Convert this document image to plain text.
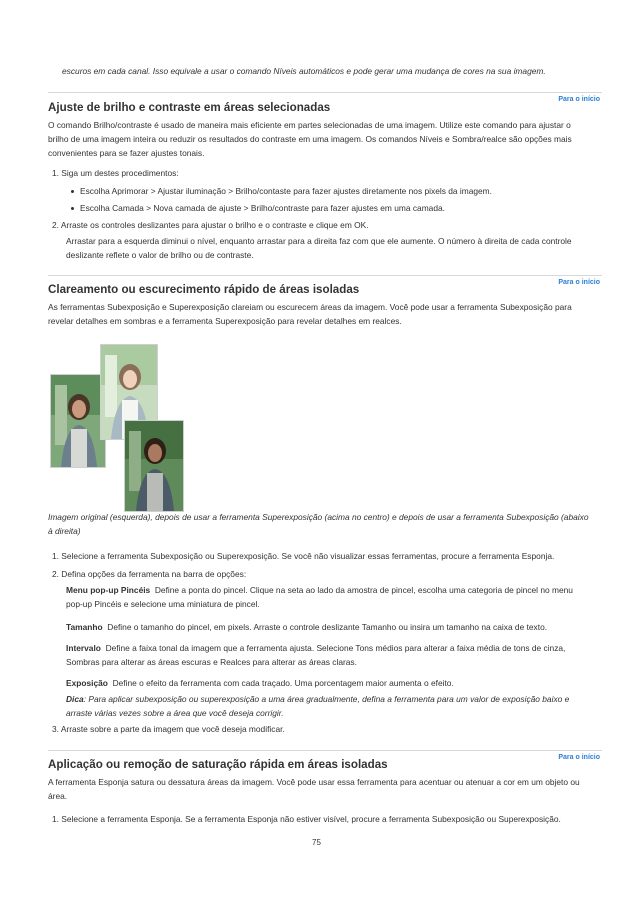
escuros em cada canal. Isso equivale a usar o comando Níveis automáticos e pode gerar uma mudança de cores na sua imagem.
Para o início
Ajuste de brilho e contraste em áreas selecionadas
O comando Brilho/contraste é usado de maneira mais eficiente em partes selecionadas de uma imagem. Utilize este comando para ajustar o
brilho de uma imagem inteira ou reduzir os resultados do contraste em uma imagem. Os comandos Níveis e Sombra/realce são opções mais
convenientes para se fazer ajustes tonais.
1. Siga um destes procedimentos:
Escolha Aprimorar > Ajustar iluminação > Brilho/contaste para fazer ajustes diretamente nos pixels da imagem.
Escolha Camada > Nova camada de ajuste > Brilho/contraste para fazer ajustes em uma camada.
2. Arraste os controles deslizantes para ajustar o brilho e o contraste e clique em OK.
Arrastar para a esquerda diminui o nível, enquanto arrastar para a direita faz com que ele aumente. O número à direita de cada controle
deslizante reflete o valor de brilho ou de contraste.
Para o início
Clareamento ou escurecimento rápido de áreas isoladas
As ferramentas Subexposição e Superexposição clareiam ou escurecem áreas da imagem. Você pode usar a ferramenta Subexposição para
revelar detalhes em sombras e a ferramenta Superexposição para revelar detalhes em realces.
Imagem original (esquerda), depois de usar a ferramenta Superexposição (acima no centro) e depois de usar a ferramenta Subexposição (abaixo
à direita)
1. Selecione a ferramenta Subexposição ou Superexposição. Se você não visualizar essas ferramentas, procure a ferramenta Esponja.
2. Defina opções da ferramenta na barra de opções:
Menu pop-up Pincéis Define a ponta do pincel. Clique na seta ao lado da amostra de pincel, escolha uma categoria de pincel no menu
pop-up Pincéis e selecione uma miniatura de pincel.
Tamanho Define o tamanho do pincel, em pixels. Arraste o controle deslizante Tamanho ou insira um tamanho na caixa de texto.
Intervalo Define a faixa tonal da imagem que a ferramenta ajusta. Selecione Tons médios para alterar a faixa média de tons de cinza,
Sombras para alterar as áreas escuras e Realces para alterar as áreas claras.
Exposição Define o efeito da ferramenta com cada traçado. Uma porcentagem maior aumenta o efeito.
Dica: Para aplicar subexposição ou superexposição a uma área gradualmente, defina a ferramenta para um valor de exposição baixo e
arraste várias vezes sobre a área que você deseja corrigir.
3. Arraste sobre a parte da imagem que você deseja modificar.
Para o início
Aplicação ou remoção de saturação rápida em áreas isoladas
A ferramenta Esponja satura ou dessatura áreas da imagem. Você pode usar essa ferramenta para acentuar ou atenuar a cor em um objeto ou
área.
1. Selecione a ferramenta Esponja. Se a ferramenta Esponja não estiver visível, procure a ferramenta Subexposição ou Superexposição.
75
